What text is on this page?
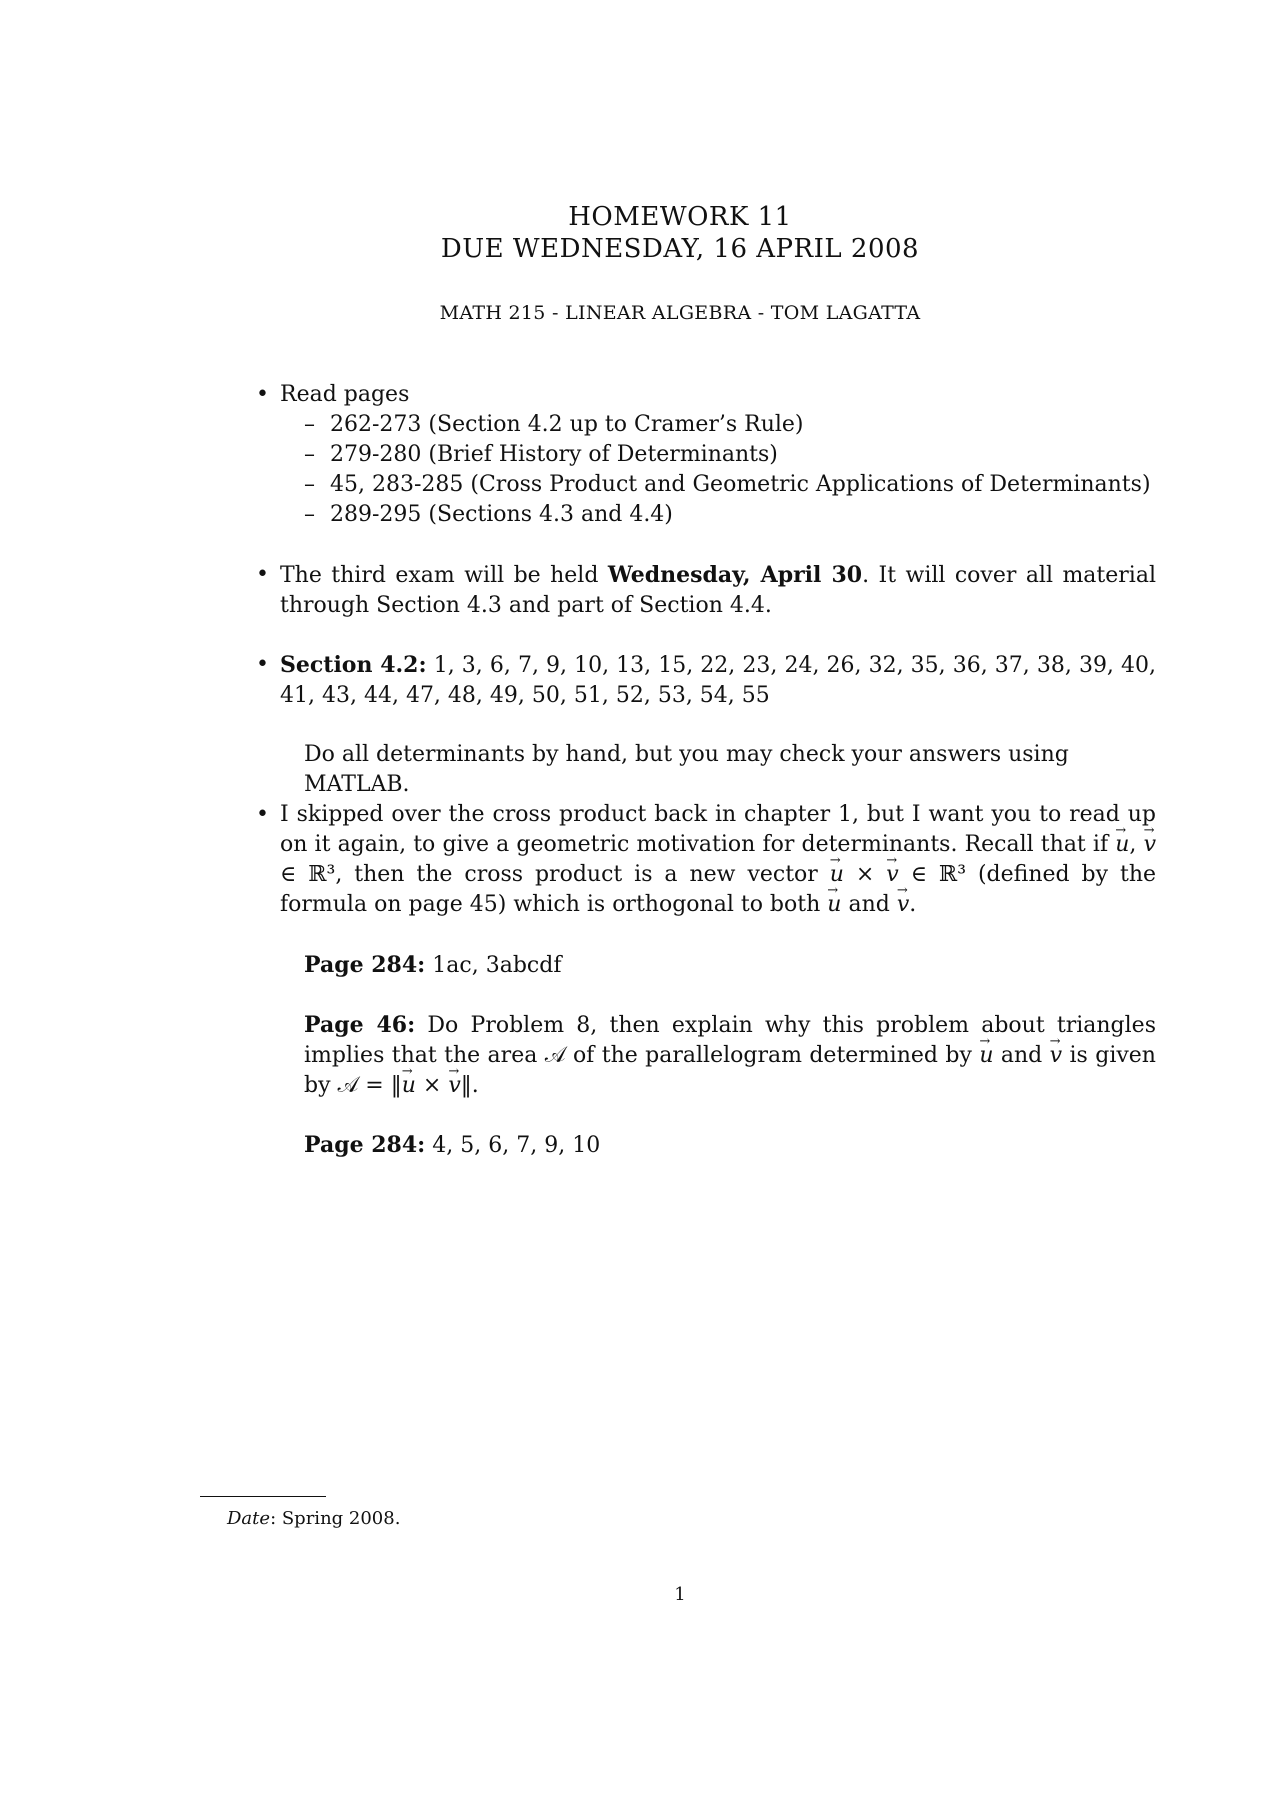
HOMEWORK 11
DUE WEDNESDAY, 16 APRIL 2008
MATH 215 - LINEAR ALGEBRA - TOM LAGATTA
• Read pages
– 262-273 (Section 4.2 up to Cramer’s Rule)
– 279-280 (Brief History of Determinants)
– 45, 283-285 (Cross Product and Geometric Applications of Determinants)
– 289-295 (Sections 4.3 and 4.4)
• The third exam will be held Wednesday, April 30. It will cover all material through Section 4.3 and part of Section 4.4.
• Section 4.2: 1, 3, 6, 7, 9, 10, 13, 15, 22, 23, 24, 26, 32, 35, 36, 37, 38, 39, 40, 41, 43, 44, 47, 48, 49, 50, 51, 52, 53, 54, 55
Do all determinants by hand, but you may check your answers using MATLAB.
• I skipped over the cross product back in chapter 1, but I want you to read up on it again, to give a geometric motivation for determinants. Recall that if → u, → v ∈ ℝ³, then the cross product is a new vector → u × → v ∈ ℝ³ (defined by the formula on page 45) which is orthogonal to both → u and → v.
Page 284: 1ac, 3abcdf
Page 46: Do Problem 8, then explain why this problem about triangles implies that the area 𝒜 of the parallelogram determined by → u and → v is given by 𝒜 = ‖→ u × → v‖.
Page 284: 4, 5, 6, 7, 9, 10
Date: Spring 2008.
1
